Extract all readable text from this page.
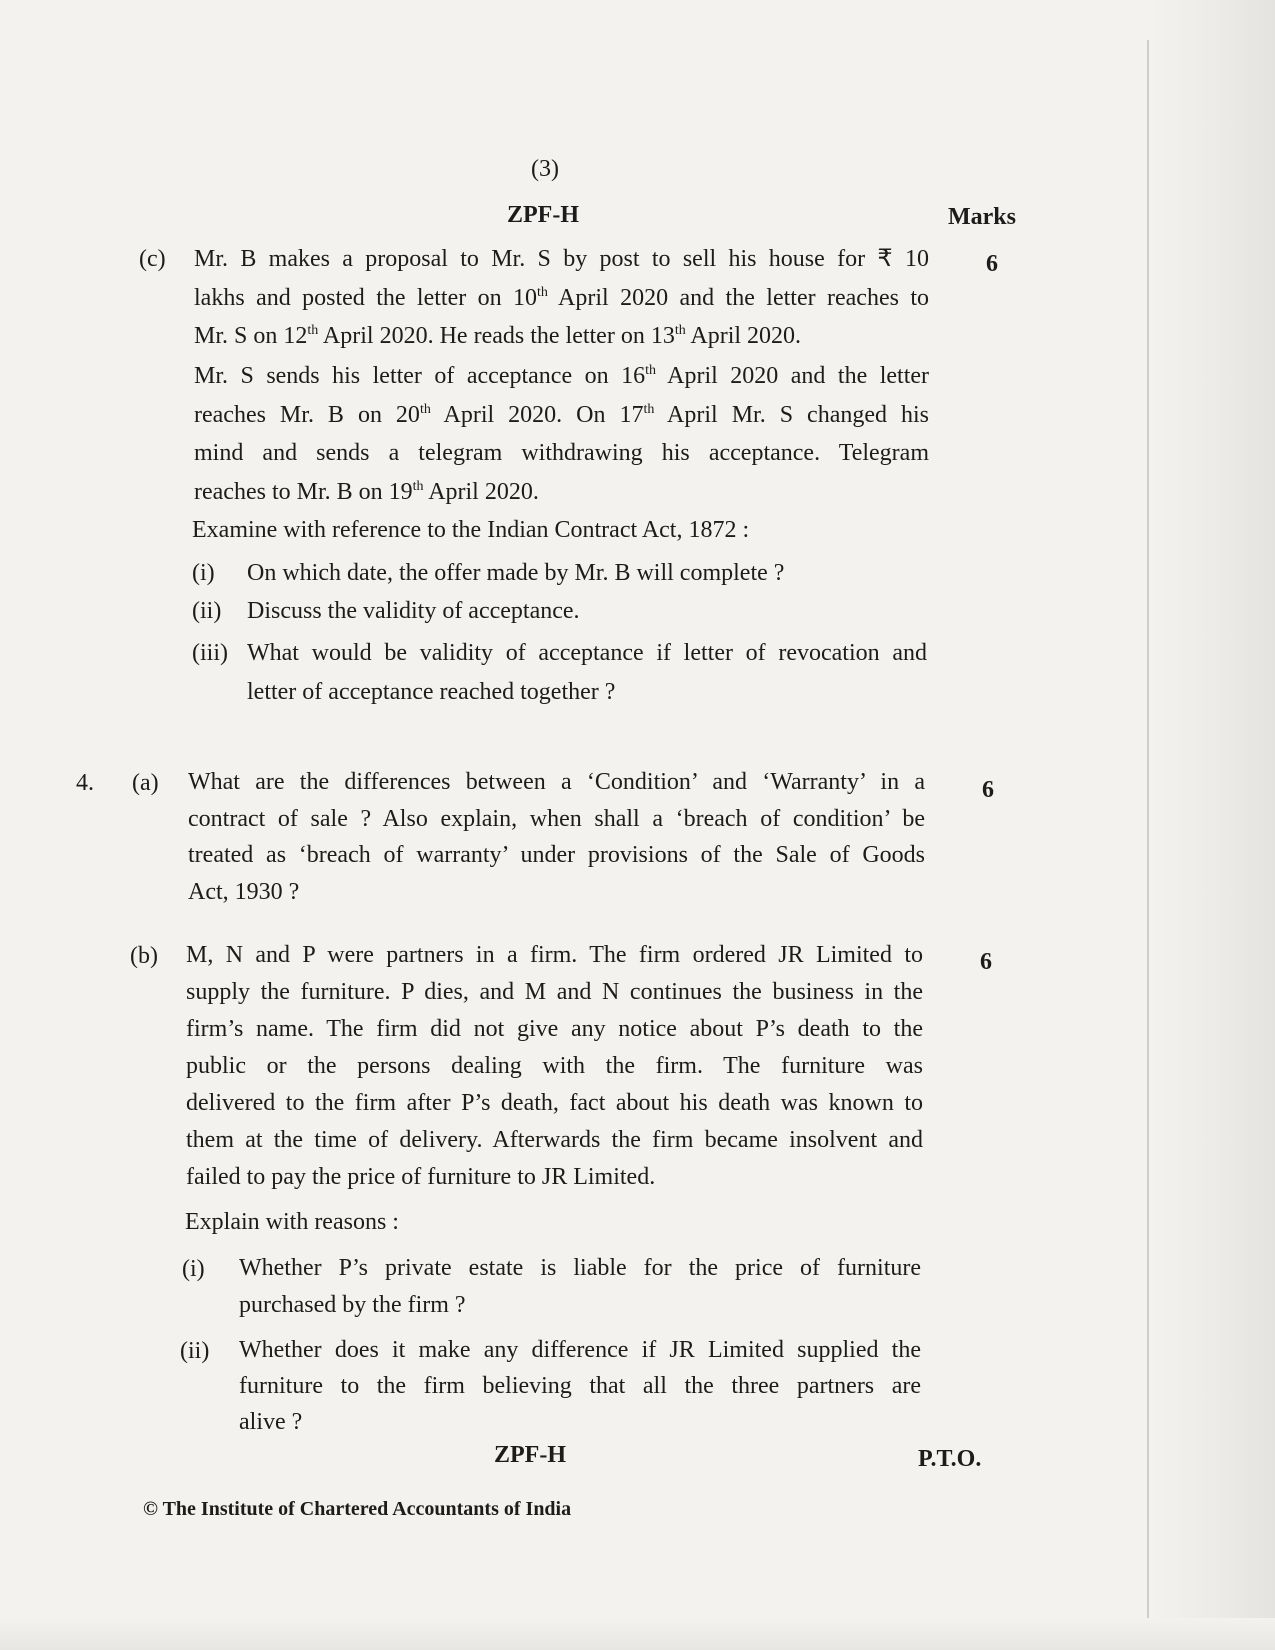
(3)
ZPF-H	Marks
(c)	6
Mr. B makes a proposal to Mr. S by post to sell his house for ₹ 10
lakhs and posted the letter on 10th April 2020 and the letter reaches to
Mr. S on 12th April 2020. He reads the letter on 13th April 2020.
Mr. S sends his letter of acceptance on 16th April 2020 and the letter
reaches Mr. B on 20th April 2020. On 17th April Mr. S changed his
mind and sends a telegram withdrawing his acceptance. Telegram
reaches to Mr. B on 19th April 2020.
Examine with reference to the Indian Contract Act, 1872 :
(i) On which date, the offer made by Mr. B will complete ?
(ii) Discuss the validity of acceptance.
(iii) What would be validity of acceptance if letter of revocation and
letter of acceptance reached together ?
4. (a)	6
What are the differences between a ‘Condition’ and ‘Warranty’ in a
contract of sale ? Also explain, when shall a ‘breach of condition’ be
treated as ‘breach of warranty’ under provisions of the Sale of Goods
Act, 1930 ?
(b)	6
M, N and P were partners in a firm. The firm ordered JR Limited to
supply the furniture. P dies, and M and N continues the business in the
firm’s name. The firm did not give any notice about P’s death to the
public or the persons dealing with the firm. The furniture was
delivered to the firm after P’s death, fact about his death was known to
them at the time of delivery. Afterwards the firm became insolvent and
failed to pay the price of furniture to JR Limited.
Explain with reasons :
(i) Whether P’s private estate is liable for the price of furniture
purchased by the firm ?
(ii) Whether does it make any difference if JR Limited supplied the
furniture to the firm believing that all the three partners are
alive ?
ZPF-H	P.T.O.
© The Institute of Chartered Accountants of India
